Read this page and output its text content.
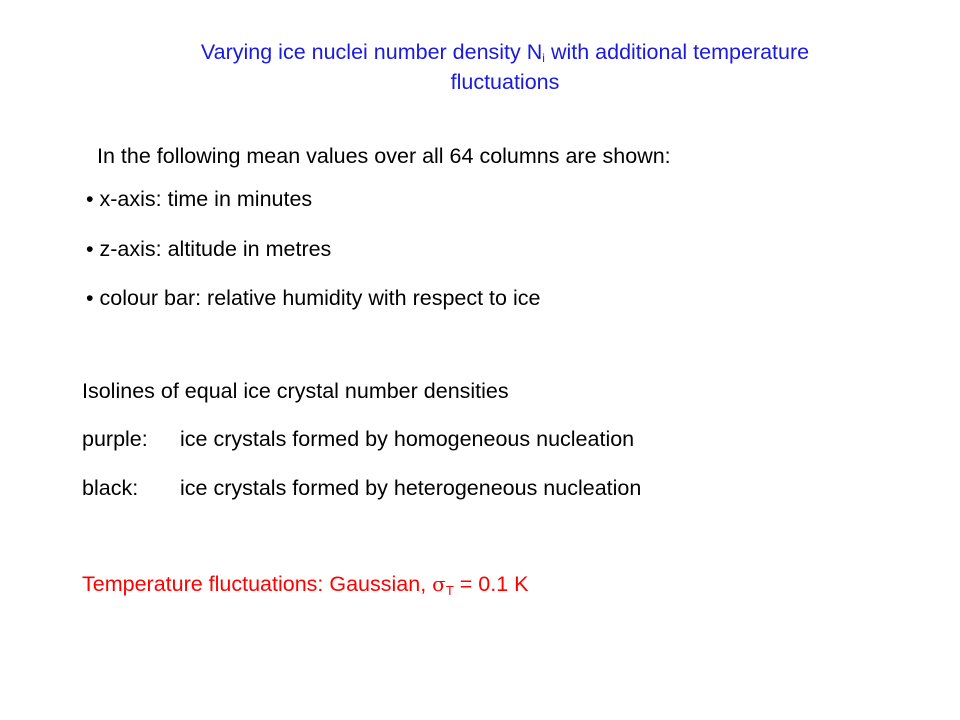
Varying ice nuclei number density $N_i$ with additional temperature
fluctuations
In the following mean values over all 64 columns are shown:
• x-axis: time in minutes
• z-axis: altitude in metres
• colour bar: relative humidity with respect to ice
Isolines of equal ice crystal number densities
purple: ice crystals formed by homogeneous nucleation
black: ice crystals formed by heterogeneous nucleation
Temperature fluctuations: Gaussian, $\sigma_T = 0.1$ K
